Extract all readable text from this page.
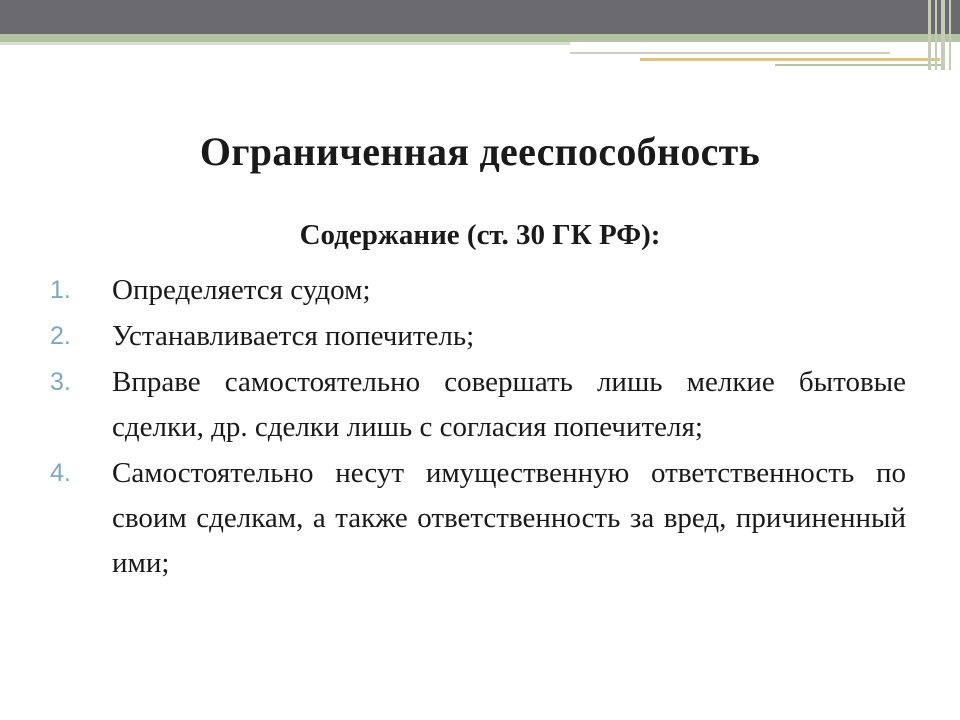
Ограниченная дееспособность
Содержание (ст. 30 ГК РФ):
1. Определяется судом;
2. Устанавливается попечитель;
3. Вправе самостоятельно совершать лишь мелкие бытовые сделки, др. сделки лишь с согласия попечителя;
4. Самостоятельно несут имущественную ответственность по своим сделкам, а также ответственность за вред, причиненный ими;
